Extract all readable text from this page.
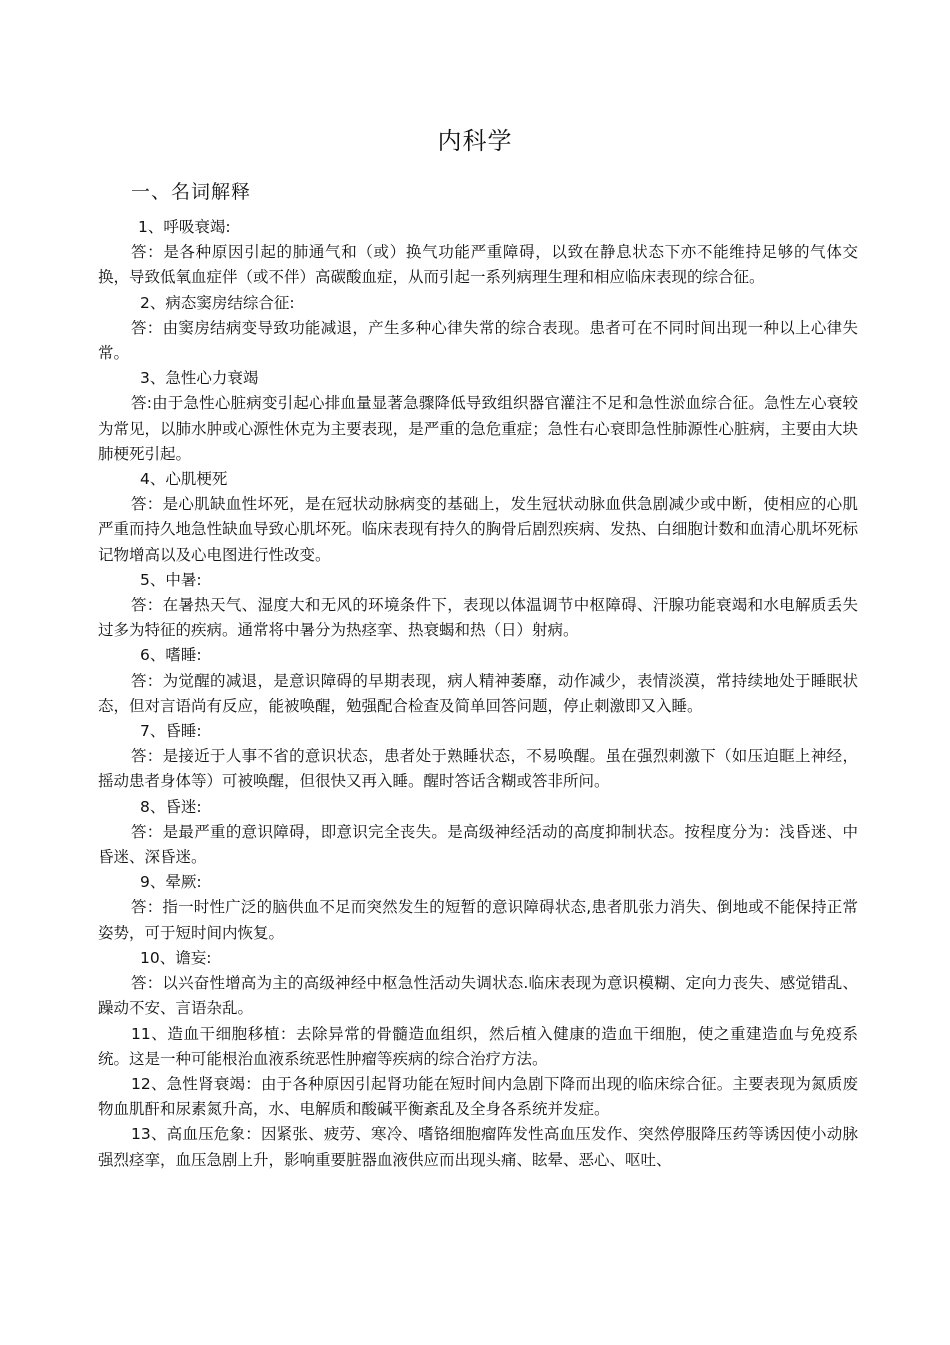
内科学
一、名词解释
1、呼吸衰竭:
答：是各种原因引起的肺通气和（或）换气功能严重障碍，以致在静息状态下亦不能维持足够的气体交换，导致低氧血症伴（或不伴）高碳酸血症，从而引起一系列病理生理和相应临床表现的综合征。
2、病态窦房结综合征:
答：由窦房结病变导致功能减退，产生多种心律失常的综合表现。患者可在不同时间出现一种以上心律失常。
3、急性心力衰竭
答:由于急性心脏病变引起心排血量显著急骤降低导致组织器官灌注不足和急性淤血综合征。急性左心衰较为常见，以肺水肿或心源性休克为主要表现，是严重的急危重症；急性右心衰即急性肺源性心脏病，主要由大块肺梗死引起。
4、心肌梗死
答：是心肌缺血性坏死，是在冠状动脉病变的基础上，发生冠状动脉血供急剧减少或中断，使相应的心肌严重而持久地急性缺血导致心肌坏死。临床表现有持久的胸骨后剧烈疾病、发热、白细胞计数和血清心肌坏死标记物增高以及心电图进行性改变。
5、中暑:
答：在暑热天气、湿度大和无风的环境条件下，表现以体温调节中枢障碍、汗腺功能衰竭和水电解质丢失过多为特征的疾病。通常将中暑分为热痉挛、热衰蝎和热（日）射病。
6、嗜睡:
答：为觉醒的减退，是意识障碍的早期表现，病人精神萎靡，动作减少，表情淡漠，常持续地处于睡眠状态，但对言语尚有反应，能被唤醒，勉强配合检查及简单回答问题，停止刺激即又入睡。
7、昏睡:
答：是接近于人事不省的意识状态，患者处于熟睡状态，不易唤醒。虽在强烈刺激下（如压迫眶上神经，摇动患者身体等）可被唤醒，但很快又再入睡。醒时答话含糊或答非所问。
8、昏迷:
答：是最严重的意识障碍，即意识完全丧失。是高级神经活动的高度抑制状态。按程度分为：浅昏迷、中昏迷、深昏迷。
9、晕厥:
答：指一时性广泛的脑供血不足而突然发生的短暂的意识障碍状态,患者肌张力消失、倒地或不能保持正常姿势，可于短时间内恢复。
10、谵妄:
答：以兴奋性增高为主的高级神经中枢急性活动失调状态.临床表现为意识模糊、定向力丧失、感觉错乱、躁动不安、言语杂乱。
11、造血干细胞移植：去除异常的骨髓造血组织，然后植入健康的造血干细胞，使之重建造血与免疫系统。这是一种可能根治血液系统恶性肿瘤等疾病的综合治疗方法。
12、急性肾衰竭：由于各种原因引起肾功能在短时间内急剧下降而出现的临床综合征。主要表现为氮质废物血肌酐和尿素氮升高，水、电解质和酸碱平衡紊乱及全身各系统并发症。
13、高血压危象：因紧张、疲劳、寒冷、嗜铬细胞瘤阵发性高血压发作、突然停服降压药等诱因使小动脉强烈痉挛，血压急剧上升，影响重要脏器血液供应而出现头痛、眩晕、恶心、呕吐、
